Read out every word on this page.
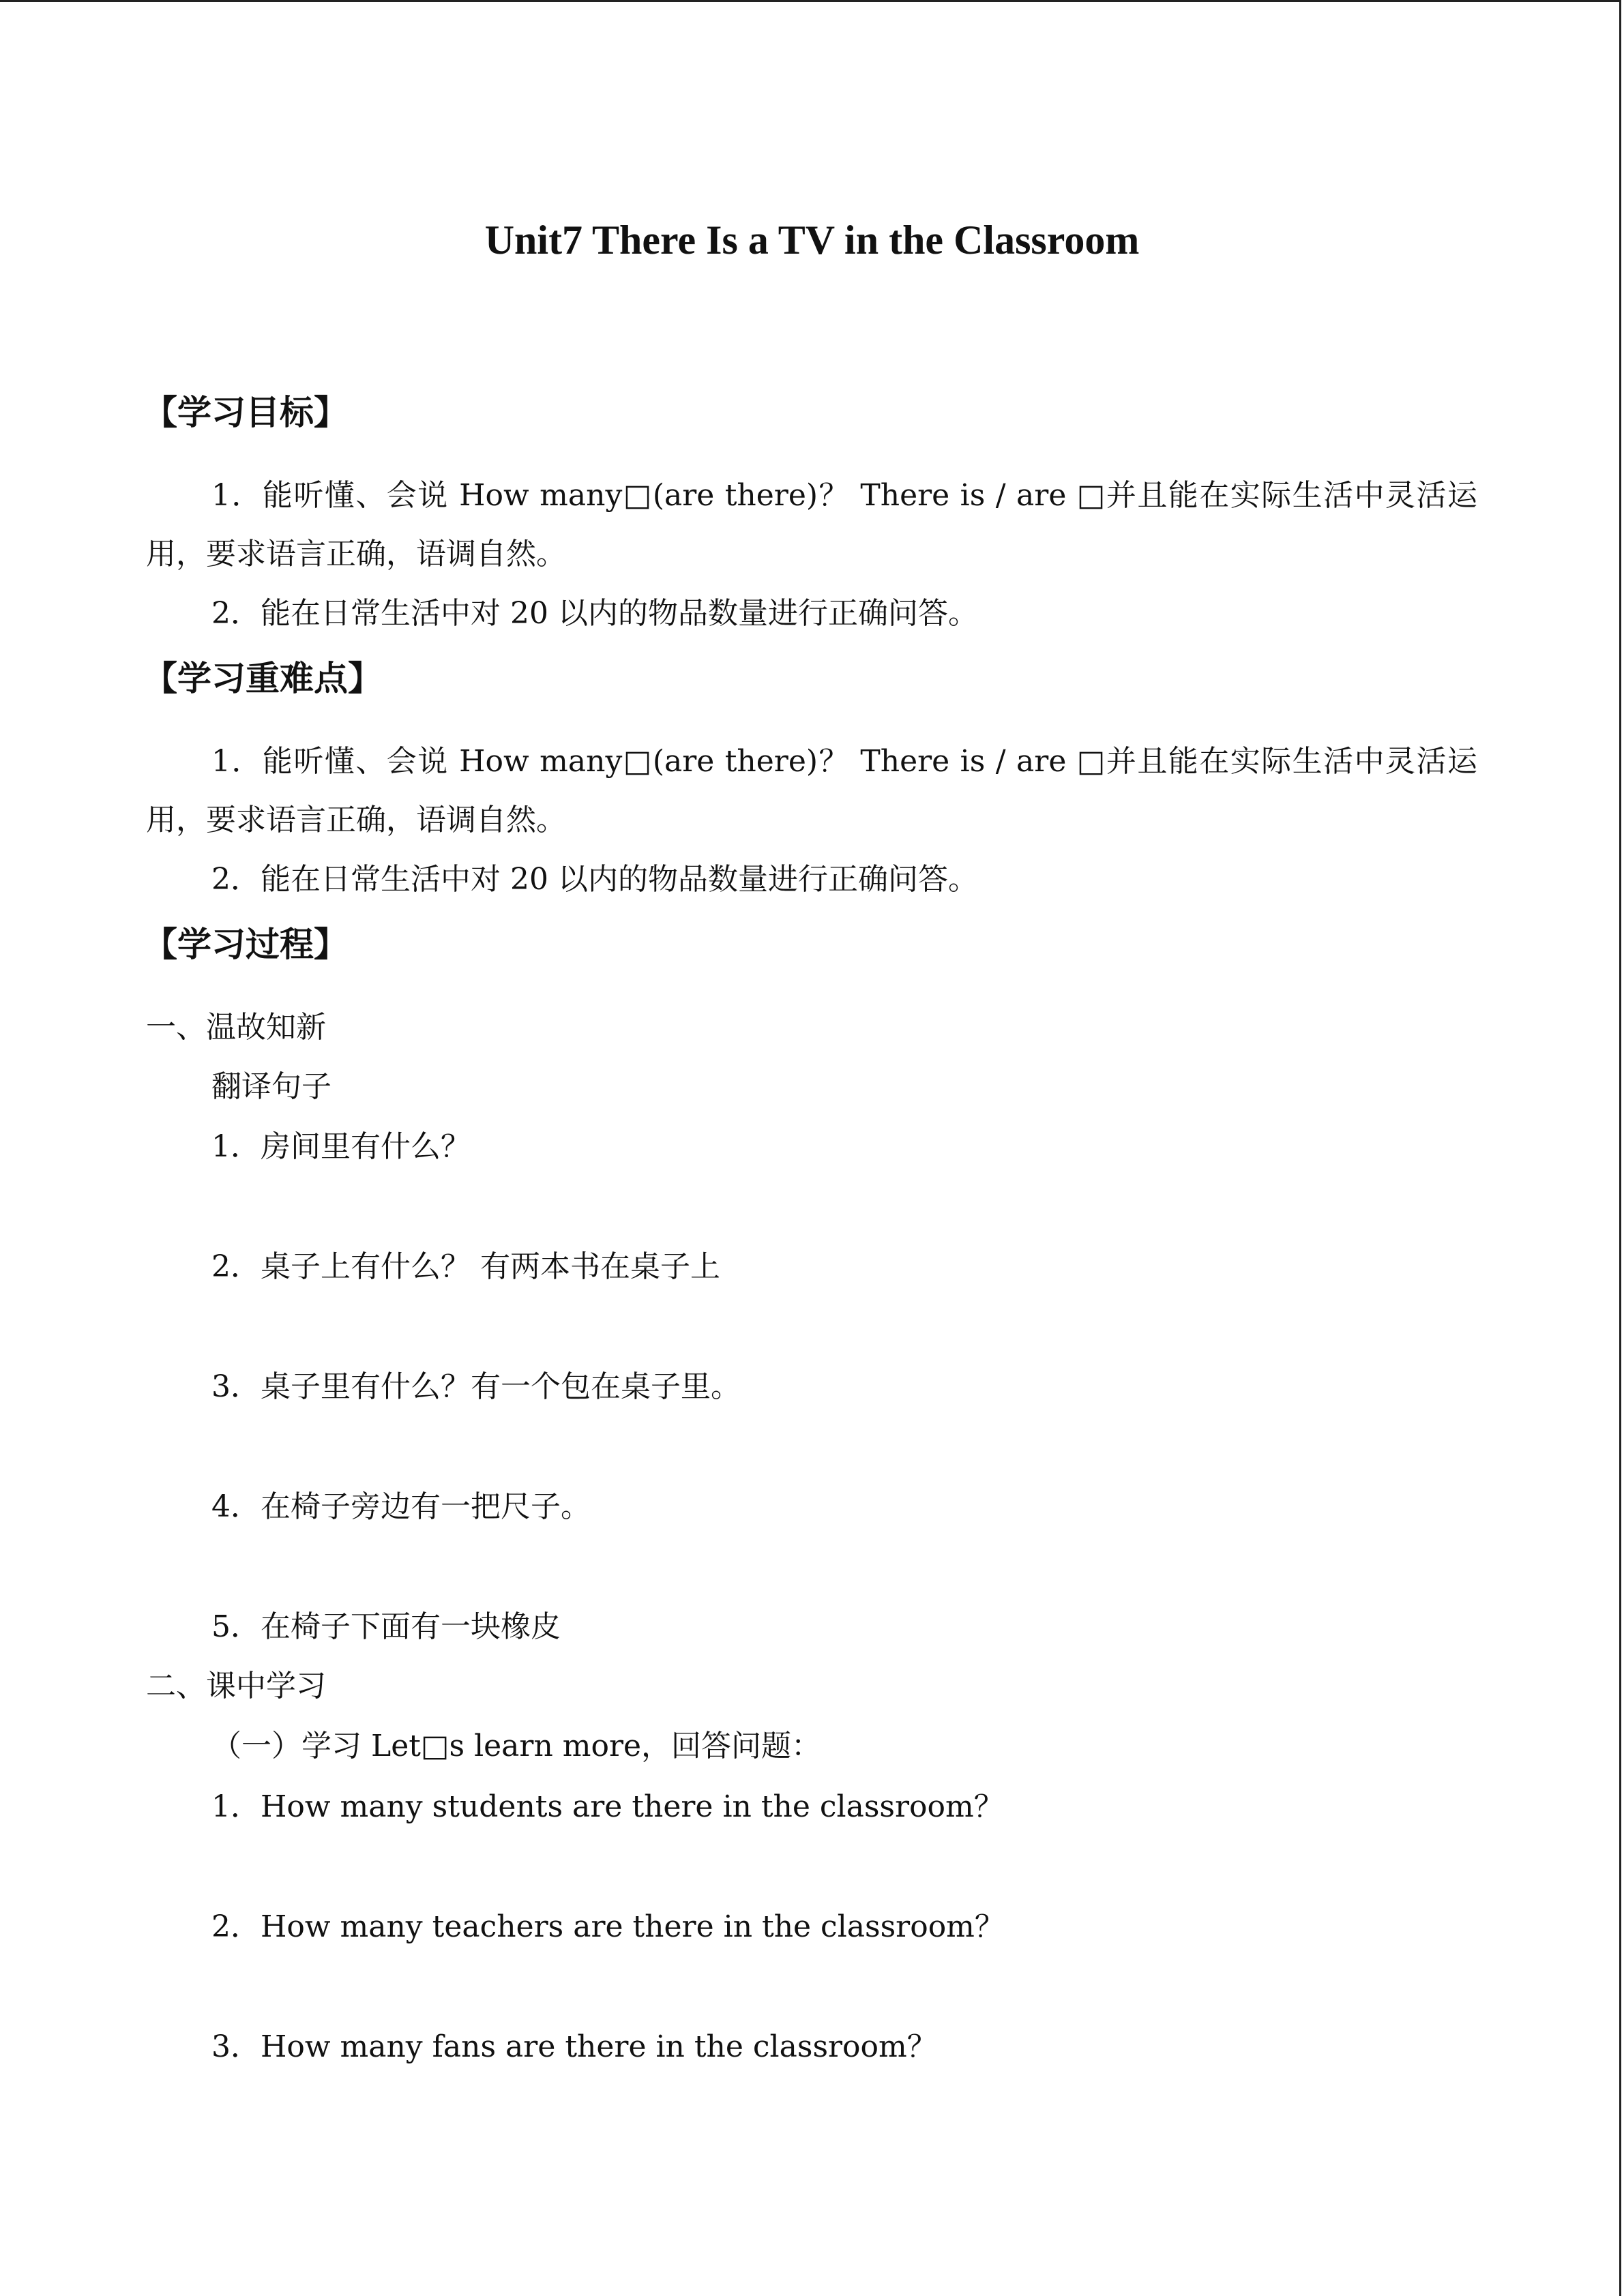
Unit7 There Is a TV in the Classroom
【学习目标】
1．能听懂、会说 How many□(are there)？ There is / are □并且能在实际生活中灵活运
用，要求语言正确，语调自然。
2．能在日常生活中对 20 以内的物品数量进行正确问答。
【学习重难点】
1．能听懂、会说 How many□(are there)？ There is / are □并且能在实际生活中灵活运
用，要求语言正确，语调自然。
2．能在日常生活中对 20 以内的物品数量进行正确问答。
【学习过程】
一、温故知新
翻译句子
1．房间里有什么？
2．桌子上有什么？ 有两本书在桌子上
3．桌子里有什么？有一个包在桌子里。
4．在椅子旁边有一把尺子。
5．在椅子下面有一块橡皮
二、课中学习
（一）学习 Let□s learn more，回答问题：
1．How many students are there in the classroom？
2．How many teachers are there in the classroom？
3．How many fans are there in the classroom？
